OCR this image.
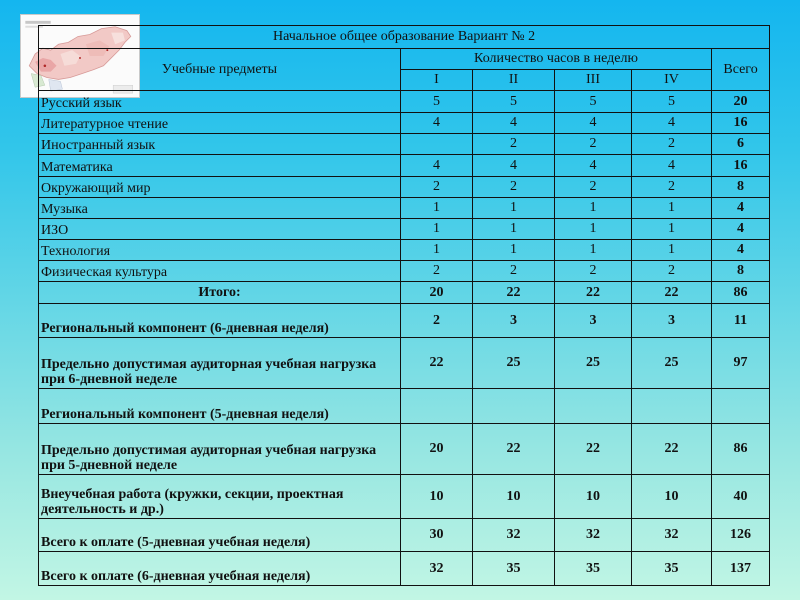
Начальное общее образование Вариант № 2					
Учебные предметы	Количество часов в неделю				Всего
	I	II	III	IV	
Русский язык	5	5	5	5	20
Литературное чтение	4	4	4	4	16
Иностранный язык		2	2	2	6
Математика	4	4	4	4	16
Окружающий мир	2	2	2	2	8
Музыка	1	1	1	1	4
ИЗО	1	1	1	1	4
Технология	1	1	1	1	4
Физическая культура	2	2	2	2	8
Итого:	20	22	22	22	86
Региональный компонент (6-дневная неделя)	2	3	3	3	11
Предельно допустимая аудиторная учебная нагрузка при 6-дневной неделе	22	25	25	25	97
Региональный компонент (5-дневная неделя)					
Предельно допустимая аудиторная учебная нагрузка при 5-дневной неделе	20	22	22	22	86
Внеучебная работа (кружки, секции, проектная деятельность и др.)	10	10	10	10	40
Всего к оплате (5-дневная учебная неделя)	30	32	32	32	126
Всего к оплате (6-дневная учебная неделя)	32	35	35	35	137
